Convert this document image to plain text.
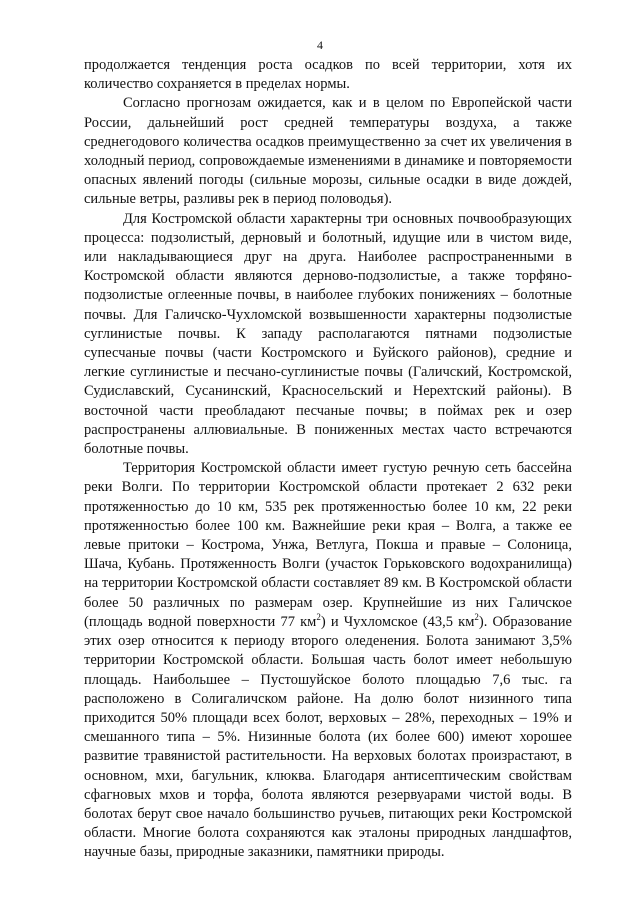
4

продолжается тенденция роста осадков по всей территории, хотя их количество сохраняется в пределах нормы.

Согласно прогнозам ожидается, как и в целом по Европейской части России, дальнейший рост средней температуры воздуха, а также среднегодового количества осадков преимущественно за счет их увеличения в холодный период, сопровождаемые изменениями в динамике и повторяемости опасных явлений погоды (сильные морозы, сильные осадки в виде дождей, сильные ветры, разливы рек в период половодья).

Для Костромской области характерны три основных почвообразующих процесса: подзолистый, дерновый и болотный, идущие или в чистом виде, или накладывающиеся друг на друга. Наиболее распространенными в Костромской области являются дерново-подзолистые, а также торфяно-подзолистые оглеенные почвы, в наиболее глубоких понижениях – болотные почвы. Для Галичско-Чухломской возвышенности характерны подзолистые суглинистые почвы. К западу располагаются пятнами подзолистые супесчаные почвы (части Костромского и Буйского районов), средние и легкие суглинистые и песчано-суглинистые почвы (Галичский, Костромской, Судиславский, Сусанинский, Красносельский и Нерехтский районы). В восточной части преобладают песчаные почвы; в поймах рек и озер распространены аллювиальные. В пониженных местах часто встречаются болотные почвы.

Территория Костромской области имеет густую речную сеть бассейна реки Волги. По территории Костромской области протекает 2 632 реки протяженностью до 10 км, 535 рек протяженностью более 10 км, 22 реки протяженностью более 100 км. Важнейшие реки края – Волга, а также ее левые притоки – Кострома, Унжа, Ветлуга, Покша и правые – Солоница, Шача, Кубань. Протяженность Волги (участок Горьковского водохранилища) на территории Костромской области составляет 89 км. В Костромской области более 50 различных по размерам озер. Крупнейшие из них Галичское (площадь водной поверхности 77 $км^2$) и Чухломское (43,5 $км^2$). Образование этих озер относится к периоду второго оледенения. Болота занимают 3,5% территории Костромской области. Большая часть болот имеет небольшую площадь. Наибольшее – Пустошуйское болото площадью 7,6 тыс. га расположено в Солигаличском районе. На долю болот низинного типа приходится 50% площади всех болот, верховых – 28%, переходных – 19% и смешанного типа – 5%. Низинные болота (их более 600) имеют хорошее развитие травянистой растительности. На верховых болотах произрастают, в основном, мхи, багульник, клюква. Благодаря антисептическим свойствам сфагновых мхов и торфа, болота являются резервуарами чистой воды. В болотах берут свое начало большинство ручьев, питающих реки Костромской области. Многие болота сохраняются как эталоны природных ландшафтов, научные базы, природные заказники, памятники природы.
